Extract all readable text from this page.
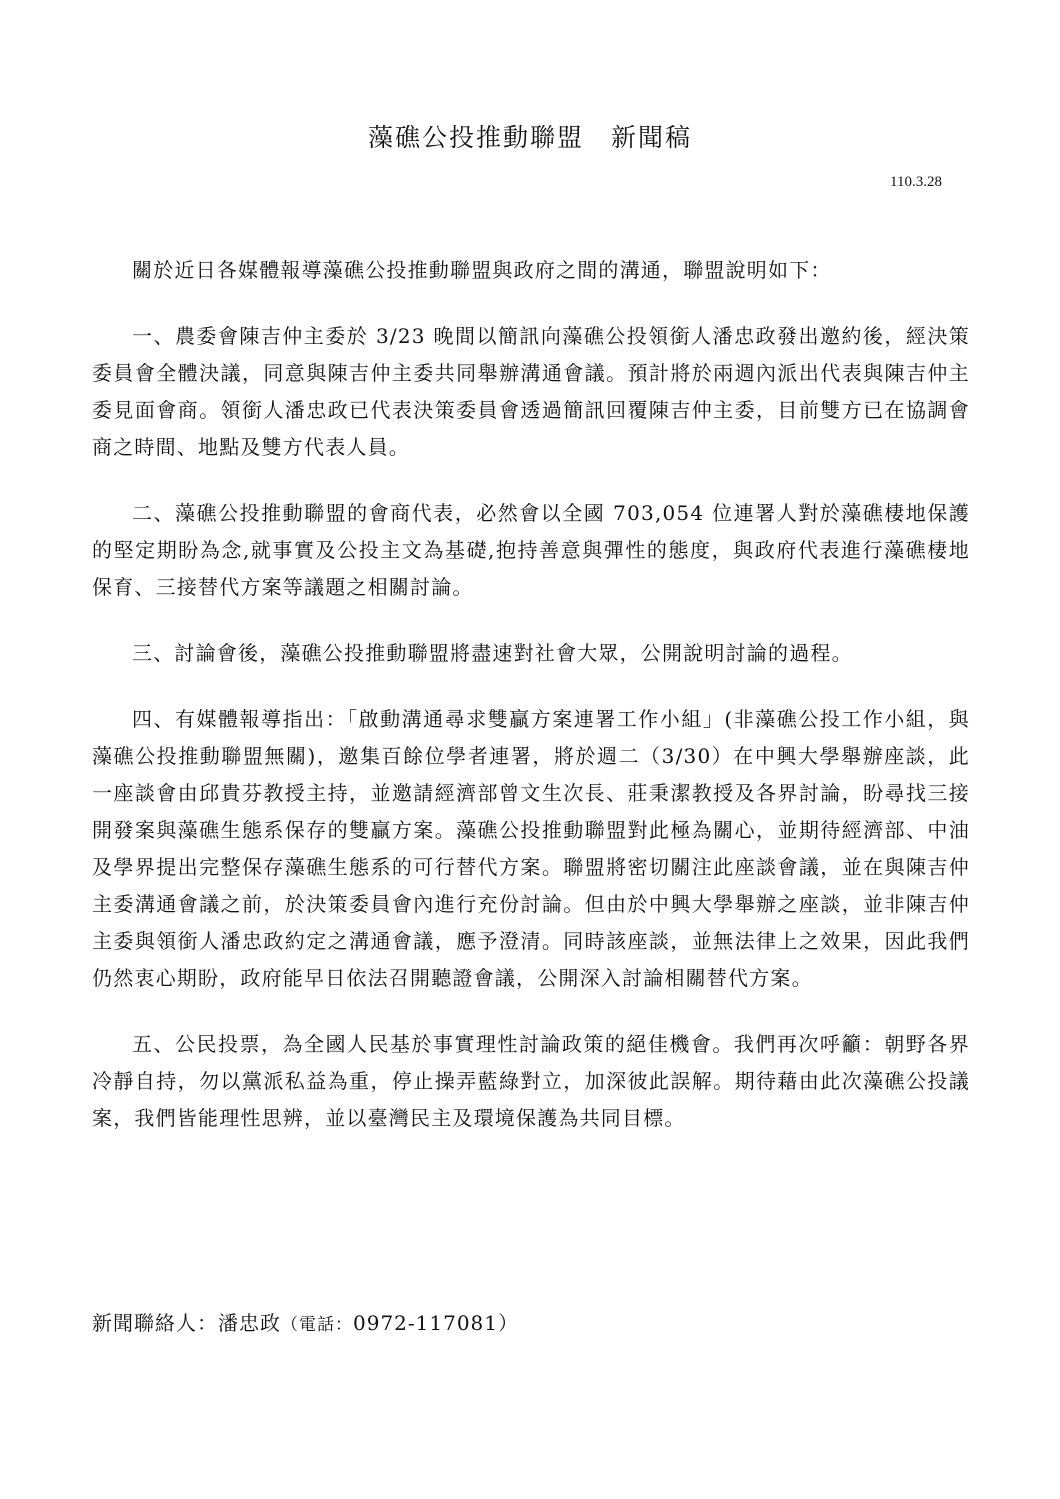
藻礁公投推動聯盟　新聞稿
110.3.28

關於近日各媒體報導藻礁公投推動聯盟與政府之間的溝通，聯盟說明如下：

一、農委會陳吉仲主委於 3/23 晚間以簡訊向藻礁公投領銜人潘忠政發出邀約後，經決策委員會全體決議，同意與陳吉仲主委共同舉辦溝通會議。預計將於兩週內派出代表與陳吉仲主委見面會商。領銜人潘忠政已代表決策委員會透過簡訊回覆陳吉仲主委，目前雙方已在協調會商之時間、地點及雙方代表人員。

二、藻礁公投推動聯盟的會商代表，必然會以全國 703,054 位連署人對於藻礁棲地保護的堅定期盼為念,就事實及公投主文為基礎,抱持善意與彈性的態度，與政府代表進行藻礁棲地保育、三接替代方案等議題之相關討論。

三、討論會後，藻礁公投推動聯盟將盡速對社會大眾，公開說明討論的過程。

四、有媒體報導指出：「啟動溝通尋求雙贏方案連署工作小組」(非藻礁公投工作小組，與藻礁公投推動聯盟無關)，邀集百餘位學者連署，將於週二（3/30）在中興大學舉辦座談，此一座談會由邱貴芬教授主持，並邀請經濟部曾文生次長、莊秉潔教授及各界討論，盼尋找三接開發案與藻礁生態系保存的雙贏方案。藻礁公投推動聯盟對此極為關心，並期待經濟部、中油及學界提出完整保存藻礁生態系的可行替代方案。聯盟將密切關注此座談會議，並在與陳吉仲主委溝通會議之前，於決策委員會內進行充份討論。但由於中興大學舉辦之座談，並非陳吉仲主委與領銜人潘忠政約定之溝通會議，應予澄清。同時該座談，並無法律上之效果，因此我們仍然衷心期盼，政府能早日依法召開聽證會議，公開深入討論相關替代方案。

五、公民投票，為全國人民基於事實理性討論政策的絕佳機會。我們再次呼籲：朝野各界冷靜自持，勿以黨派私益為重，停止操弄藍綠對立，加深彼此誤解。期待藉由此次藻礁公投議案，我們皆能理性思辨，並以臺灣民主及環境保護為共同目標。

新聞聯絡人：潘忠政（電話：0972-117081）
